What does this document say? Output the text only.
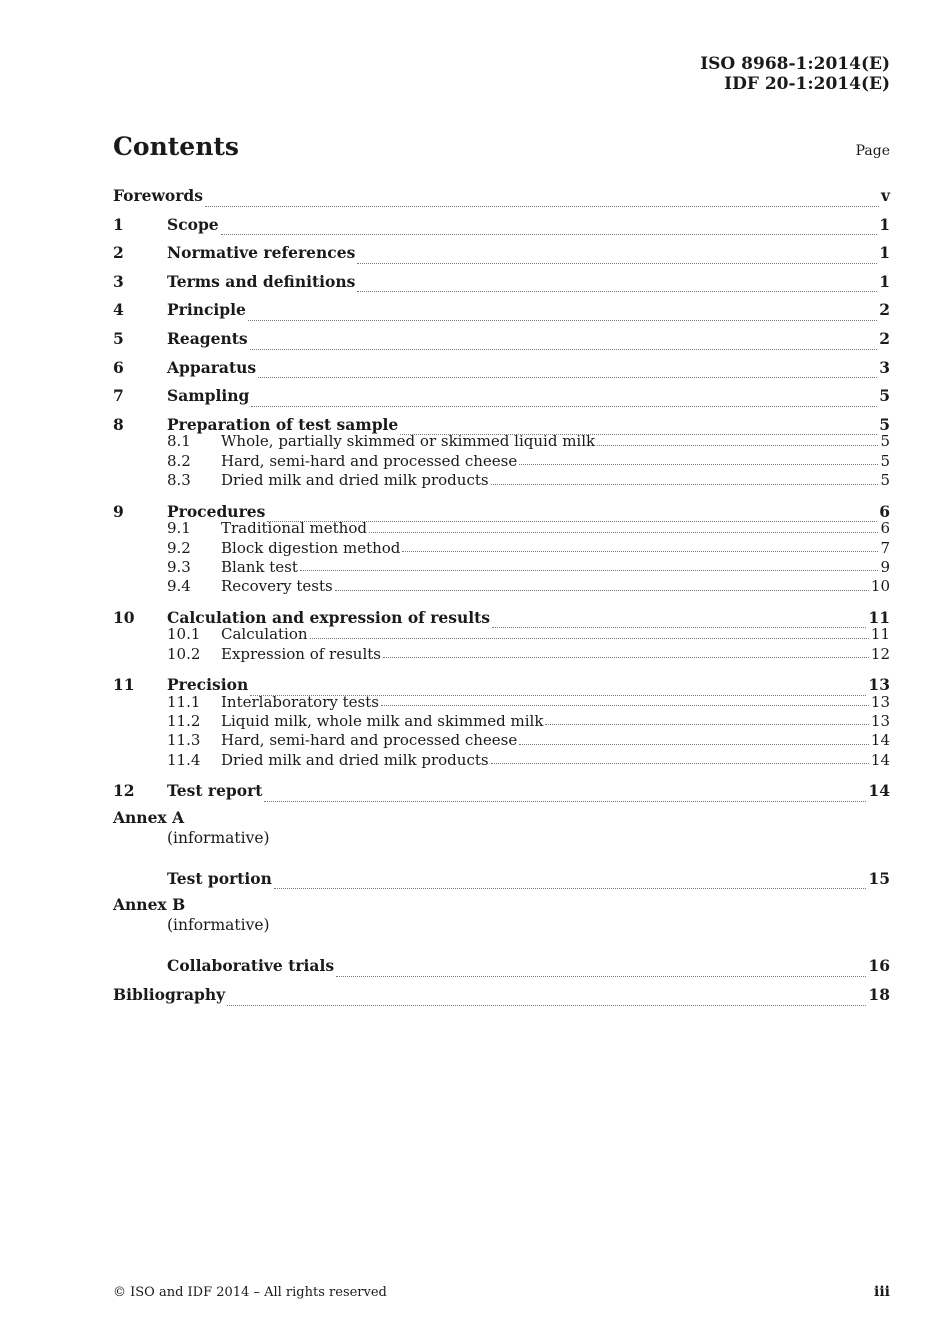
ISO 8968-1:2014(E)
IDF 20-1:2014(E)
Contents	Page
Forewords	v
1	Scope	1
2	Normative references	1
3	Terms and definitions	1
4	Principle	2
5	Reagents	2
6	Apparatus	3
7	Sampling	5
8	Preparation of test sample	5
8.1	Whole, partially skimmed or skimmed liquid milk	5
8.2	Hard, semi-hard and processed cheese	5
8.3	Dried milk and dried milk products	5
9	Procedures	6
9.1	Traditional method	6
9.2	Block digestion method	7
9.3	Blank test	9
9.4	Recovery tests	10
10	Calculation and expression of results	11
10.1	Calculation	11
10.2	Expression of results	12
11	Precision	13
11.1	Interlaboratory tests	13
11.2	Liquid milk, whole milk and skimmed milk	13
11.3	Hard, semi-hard and processed cheese	14
11.4	Dried milk and dried milk products	14
12	Test report	14
Annex A
(informative)
Test portion	15
Annex B
(informative)
Collaborative trials	16
Bibliography	18
© ISO and IDF 2014 – All rights reserved	iii
